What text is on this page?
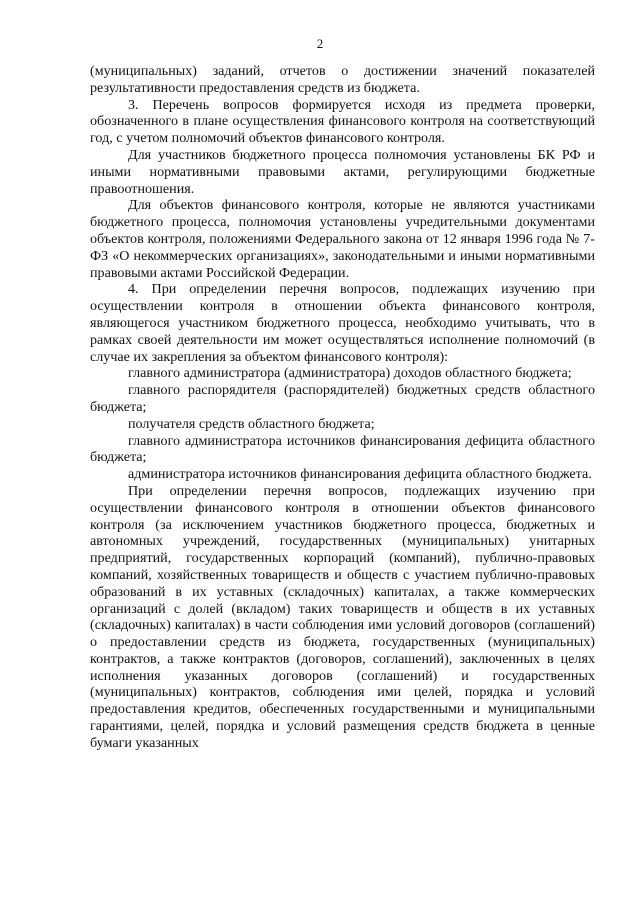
2

(муниципальных) заданий, отчетов о достижении значений показателей результативности предоставления средств из бюджета.

3. Перечень вопросов формируется исходя из предмета проверки, обозначенного в плане осуществления финансового контроля на соответствующий год, с учетом полномочий объектов финансового контроля.

Для участников бюджетного процесса полномочия установлены БК РФ и иными нормативными правовыми актами, регулирующими бюджетные правоотношения.

Для объектов финансового контроля, которые не являются участниками бюджетного процесса, полномочия установлены учредительными документами объектов контроля, положениями Федерального закона от 12 января 1996 года № 7-ФЗ «О некоммерческих организациях», законодательными и иными нормативными правовыми актами Российской Федерации.

4. При определении перечня вопросов, подлежащих изучению при осуществлении контроля в отношении объекта финансового контроля, являющегося участником бюджетного процесса, необходимо учитывать, что в рамках своей деятельности им может осуществляться исполнение полномочий (в случае их закрепления за объектом финансового контроля):

главного администратора (администратора) доходов областного бюджета;

главного распорядителя (распорядителей) бюджетных средств областного бюджета;

получателя средств областного бюджета;

главного администратора источников финансирования дефицита областного бюджета;

администратора источников финансирования дефицита областного бюджета.

При определении перечня вопросов, подлежащих изучению при осуществлении финансового контроля в отношении объектов финансового контроля (за исключением участников бюджетного процесса, бюджетных и автономных учреждений, государственных (муниципальных) унитарных предприятий, государственных корпораций (компаний), публично-правовых компаний, хозяйственных товариществ и обществ с участием публично-правовых образований в их уставных (складочных) капиталах, а также коммерческих организаций с долей (вкладом) таких товариществ и обществ в их уставных (складочных) капиталах) в части соблюдения ими условий договоров (соглашений) о предоставлении средств из бюджета, государственных (муниципальных) контрактов, а также контрактов (договоров, соглашений), заключенных в целях исполнения указанных договоров (соглашений) и государственных (муниципальных) контрактов, соблюдения ими целей, порядка и условий предоставления кредитов, обеспеченных государственными и муниципальными гарантиями, целей, порядка и условий размещения средств бюджета в ценные бумаги указанных
